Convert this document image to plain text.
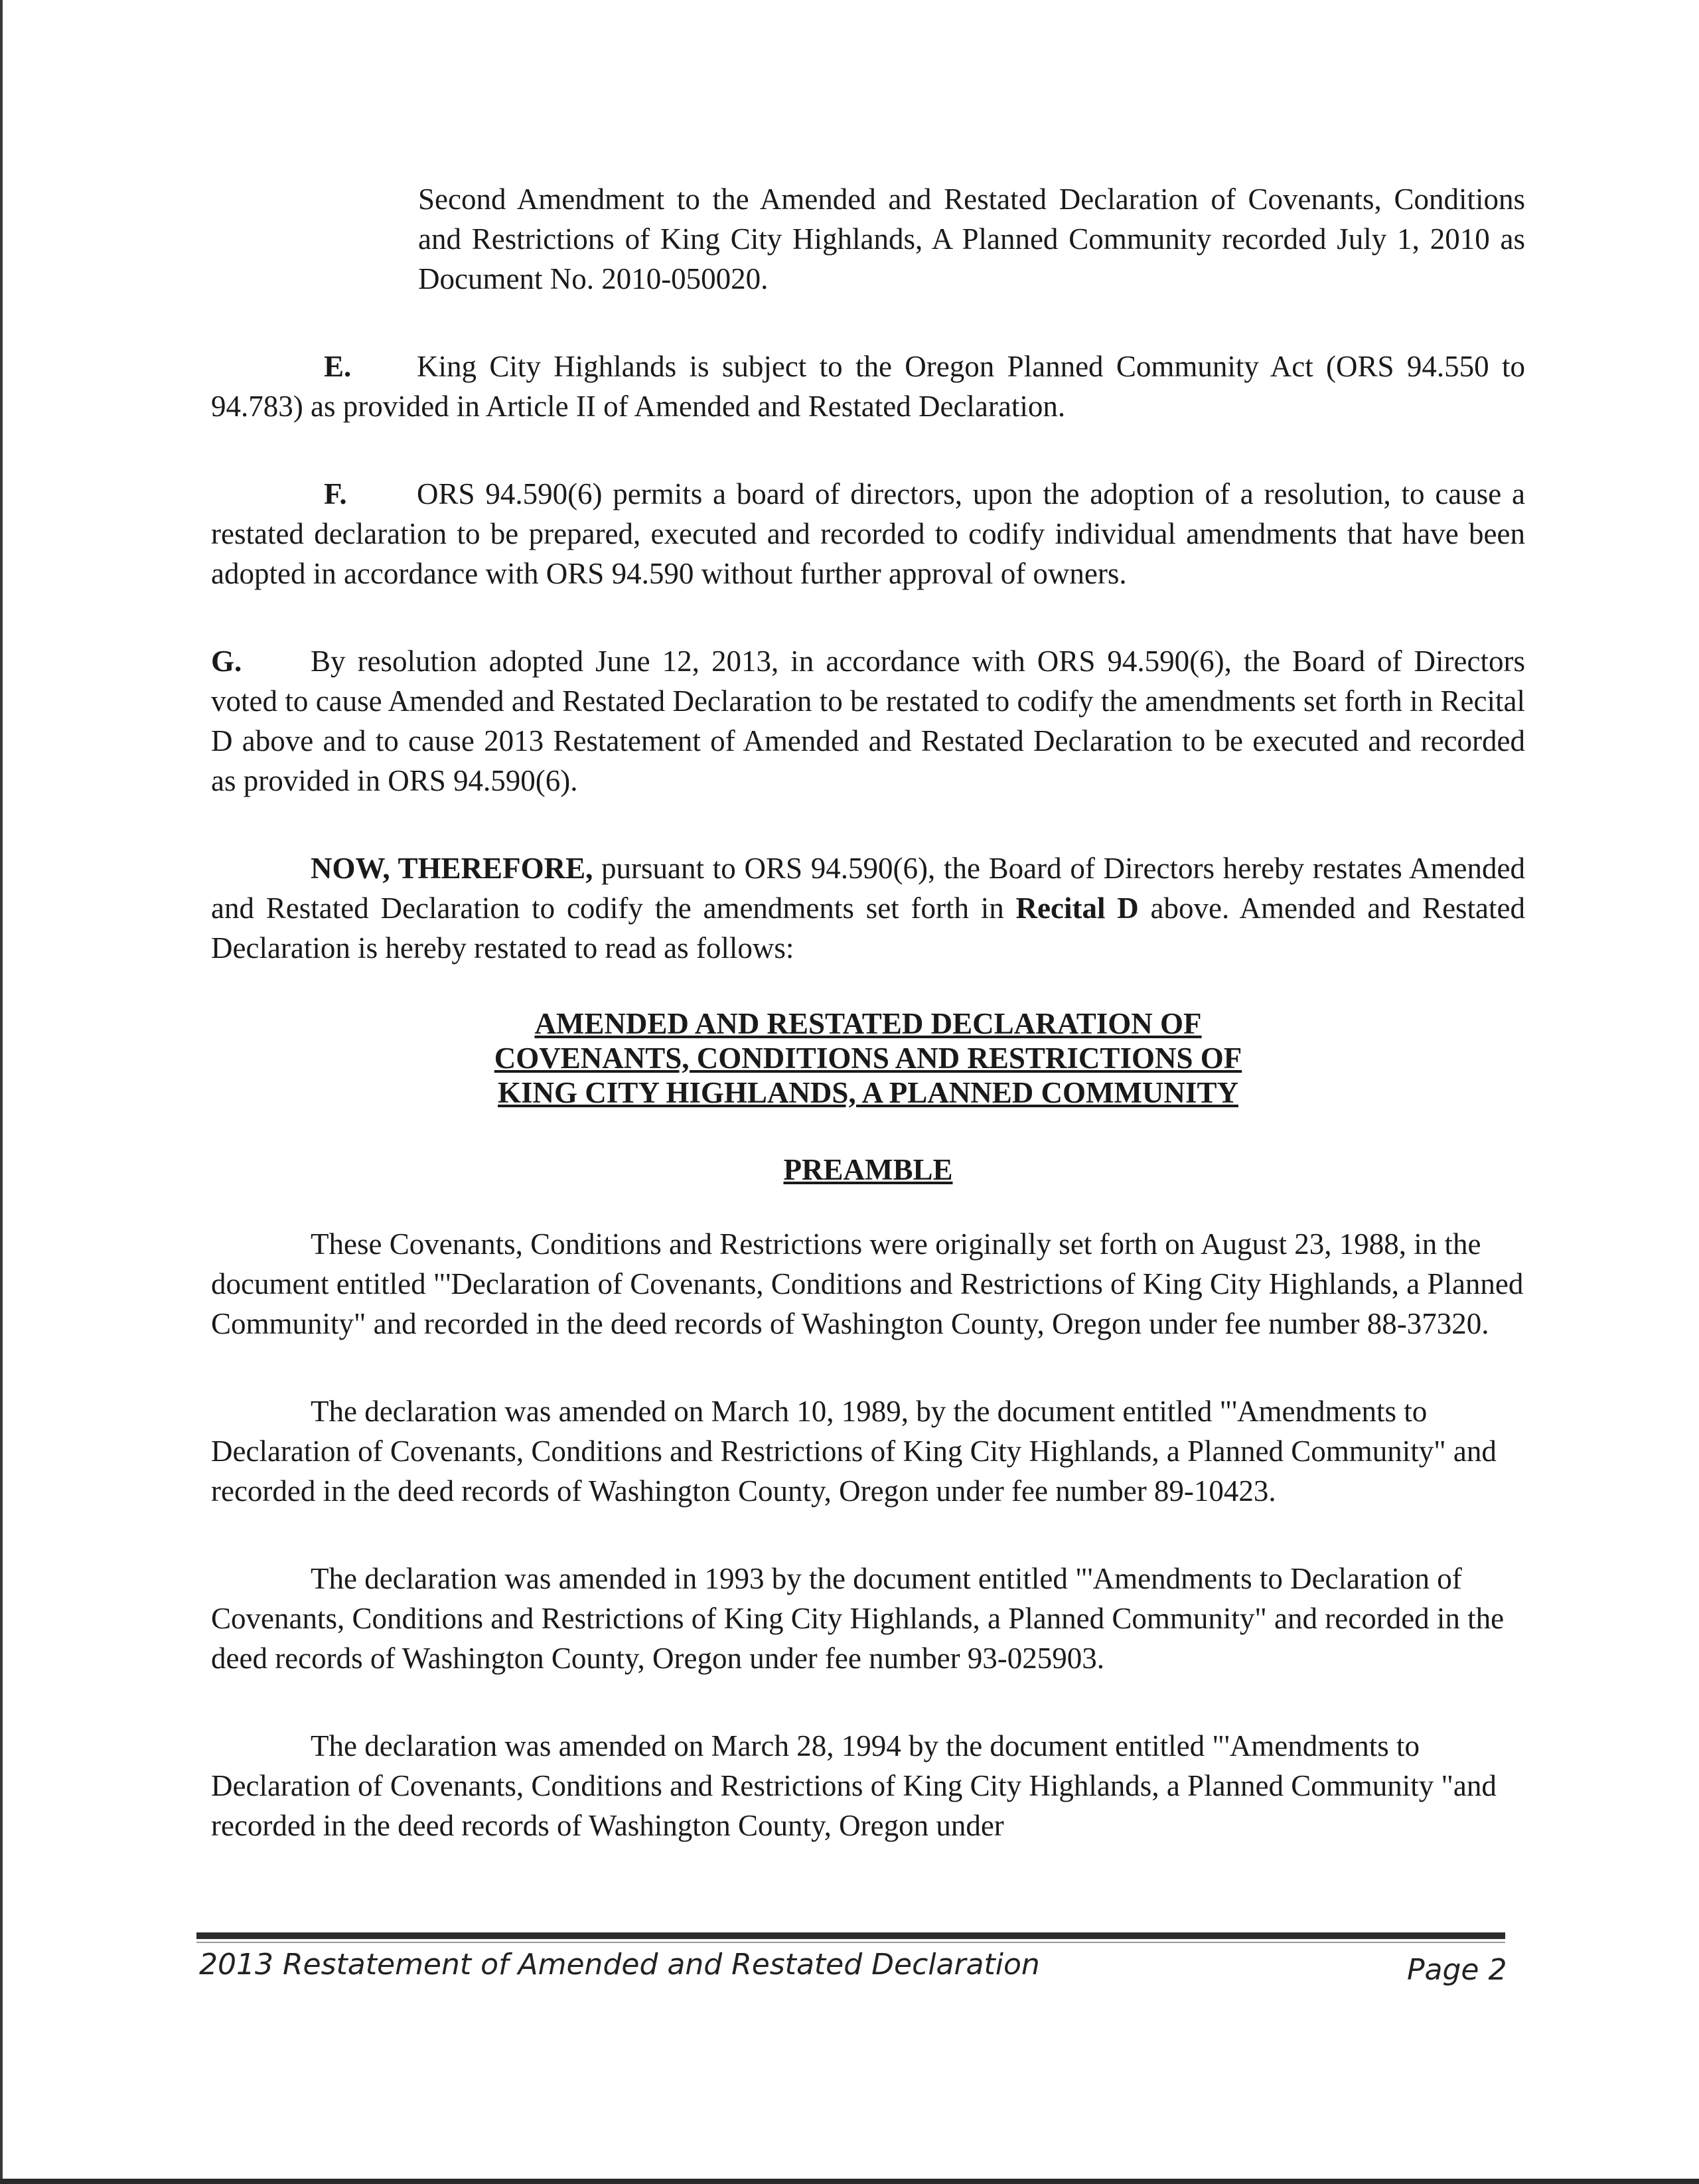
Second Amendment to the Amended and Restated Declaration of Covenants, Conditions and Restrictions of King City Highlands, A Planned Community recorded July 1, 2010 as Document No. 2010-050020.

E. King City Highlands is subject to the Oregon Planned Community Act (ORS 94.550 to 94.783) as provided in Article II of Amended and Restated Declaration.

F. ORS 94.590(6) permits a board of directors, upon the adoption of a resolution, to cause a restated declaration to be prepared, executed and recorded to codify individual amendments that have been adopted in accordance with ORS 94.590 without further approval of owners.

G. By resolution adopted June 12, 2013, in accordance with ORS 94.590(6), the Board of Directors voted to cause Amended and Restated Declaration to be restated to codify the amendments set forth in Recital D above and to cause 2013 Restatement of Amended and Restated Declaration to be executed and recorded as provided in ORS 94.590(6).

NOW, THEREFORE, pursuant to ORS 94.590(6), the Board of Directors hereby restates Amended and Restated Declaration to codify the amendments set forth in Recital D above. Amended and Restated Declaration is hereby restated to read as follows:

AMENDED AND RESTATED DECLARATION OF
COVENANTS, CONDITIONS AND RESTRICTIONS OF
KING CITY HIGHLANDS, A PLANNED COMMUNITY
PREAMBLE

These Covenants, Conditions and Restrictions were originally set forth on August 23, 1988, in the document entitled "'Declaration of Covenants, Conditions and Restrictions of King City Highlands, a Planned Community" and recorded in the deed records of Washington County, Oregon under fee number 88-37320.

The declaration was amended on March 10, 1989, by the document entitled "'Amendments to Declaration of Covenants, Conditions and Restrictions of King City Highlands, a Planned Community" and recorded in the deed records of Washington County, Oregon under fee number 89-10423.

The declaration was amended in 1993 by the document entitled "'Amendments to Declaration of Covenants, Conditions and Restrictions of King City Highlands, a Planned Community" and recorded in the deed records of Washington County, Oregon under fee number 93-025903.

The declaration was amended on March 28, 1994 by the document entitled "'Amendments to Declaration of Covenants, Conditions and Restrictions of King City Highlands, a Planned Community "and recorded in the deed records of Washington County, Oregon under

2013 Restatement of Amended and Restated Declaration	Page 2
